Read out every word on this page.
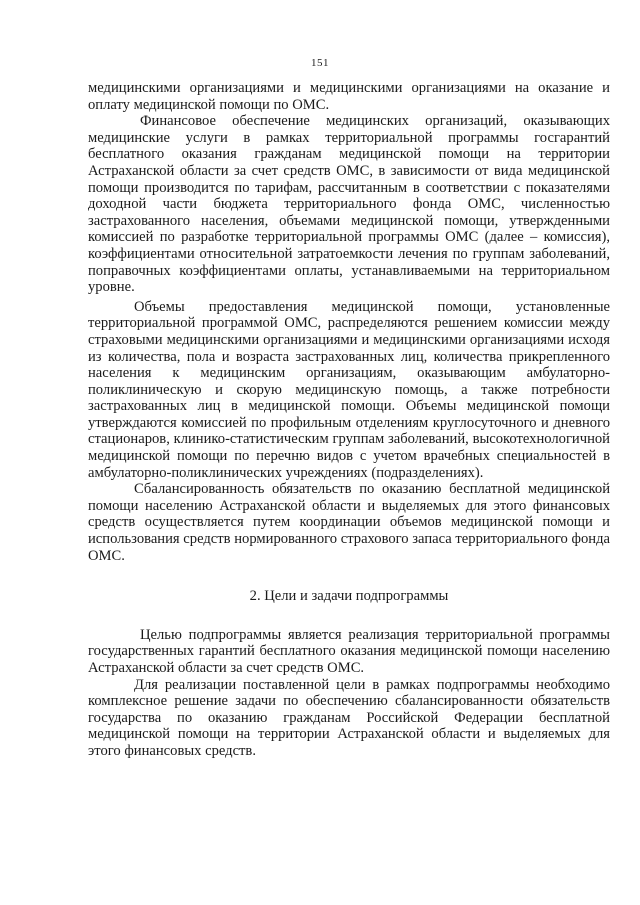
151

медицинскими организациями и медицинскими организациями на оказание и оплату медицинской помощи по ОМС.

Финансовое обеспечение медицинских организаций, оказывающих медицинские услуги в рамках территориальной программы госгарантий бесплатного оказания гражданам медицинской помощи на территории Астраханской области за счет средств ОМС, в зависимости от вида медицинской помощи производится по тарифам, рассчитанным в соответствии с показателями доходной части бюджета территориального фонда ОМС, численностью застрахованного населения, объемами медицинской помощи, утвержденными комиссией по разработке территориальной программы ОМС (далее – комиссия), коэффициентами относительной затратоемкости лечения по группам заболеваний, поправочных коэффициентами оплаты, устанавливаемыми на территориальном уровне.

Объемы предоставления медицинской помощи, установленные территориальной программой ОМС, распределяются решением комиссии между страховыми медицинскими организациями и медицинскими организациями исходя из количества, пола и возраста застрахованных лиц, количества прикрепленного населения к медицинским организациям, оказывающим амбулаторно-поликлиническую и скорую медицинскую помощь, а также потребности застрахованных лиц в медицинской помощи. Объемы медицинской помощи утверждаются комиссией по профильным отделениям круглосуточного и дневного стационаров, клинико-статистическим группам заболеваний, высокотехнологичной медицинской помощи по перечню видов с учетом врачебных специальностей в амбулаторно-поликлинических учреждениях (подразделениях).

Сбалансированность обязательств по оказанию бесплатной медицинской помощи населению Астраханской области и выделяемых для этого финансовых средств осуществляется путем координации объемов медицинской помощи и использования средств нормированного страхового запаса территориального фонда ОМС.

2. Цели и задачи подпрограммы

Целью подпрограммы является реализация территориальной программы государственных гарантий бесплатного оказания медицинской помощи населению Астраханской области за счет средств ОМС.

Для реализации поставленной цели в рамках подпрограммы необходимо комплексное решение задачи по обеспечению сбалансированности обязательств государства по оказанию гражданам Российской Федерации бесплатной медицинской помощи на территории Астраханской области и выделяемых для этого финансовых средств.
